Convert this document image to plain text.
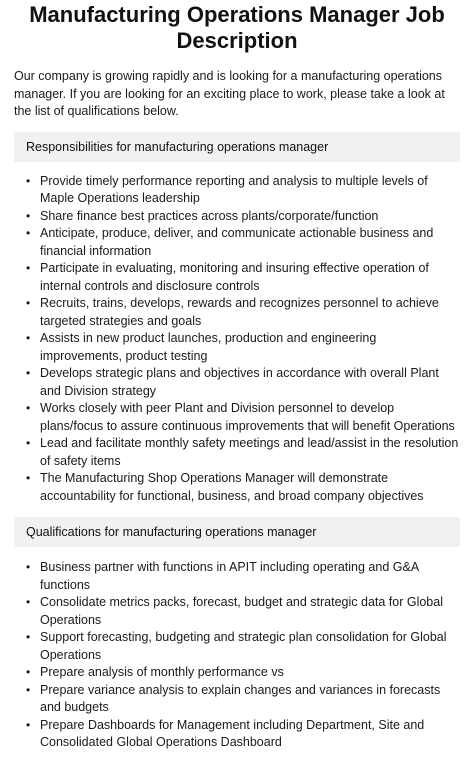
Manufacturing Operations Manager Job Description

Our company is growing rapidly and is looking for a manufacturing operations manager. If you are looking for an exciting place to work, please take a look at the list of qualifications below.

Responsibilities for manufacturing operations manager
• Provide timely performance reporting and analysis to multiple levels of Maple Operations leadership
• Share finance best practices across plants/corporate/function
• Anticipate, produce, deliver, and communicate actionable business and financial information
• Participate in evaluating, monitoring and insuring effective operation of internal controls and disclosure controls
• Recruits, trains, develops, rewards and recognizes personnel to achieve targeted strategies and goals
• Assists in new product launches, production and engineering improvements, product testing
• Develops strategic plans and objectives in accordance with overall Plant and Division strategy
• Works closely with peer Plant and Division personnel to develop plans/focus to assure continuous improvements that will benefit Operations
• Lead and facilitate monthly safety meetings and lead/assist in the resolution of safety items
• The Manufacturing Shop Operations Manager will demonstrate accountability for functional, business, and broad company objectives
Qualifications for manufacturing operations manager
• Business partner with functions in APIT including operating and G&A functions
• Consolidate metrics packs, forecast, budget and strategic data for Global Operations
• Support forecasting, budgeting and strategic plan consolidation for Global Operations
• Prepare analysis of monthly performance vs
• Prepare variance analysis to explain changes and variances in forecasts and budgets
• Prepare Dashboards for Management including Department, Site and Consolidated Global Operations Dashboard
